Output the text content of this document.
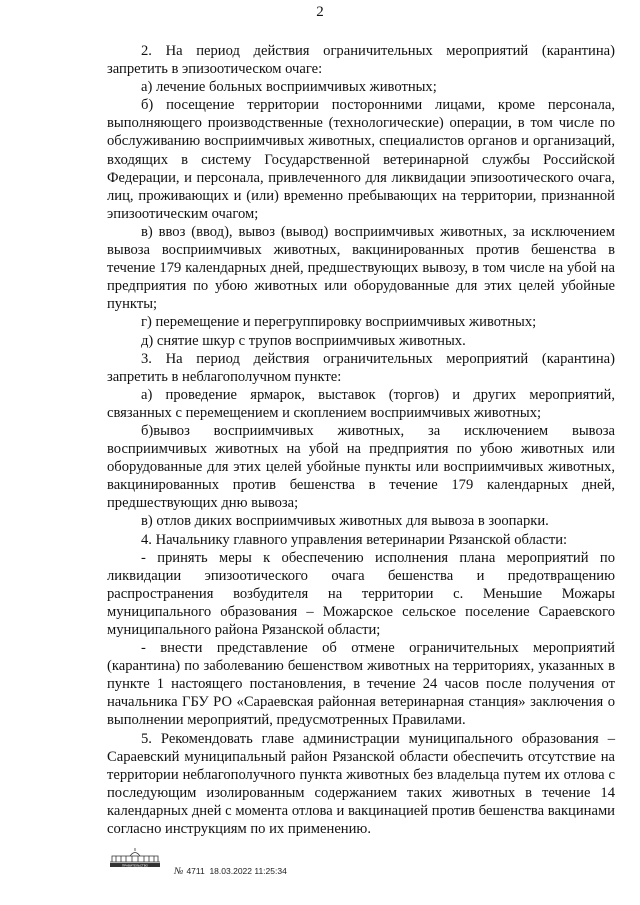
2

2. На период действия ограничительных мероприятий (карантина) запретить в эпизоотическом очаге:

а) лечение больных восприимчивых животных;

б) посещение территории посторонними лицами, кроме персонала, выполняющего производственные (технологические) операции, в том числе по обслуживанию восприимчивых животных, специалистов органов и организаций, входящих в систему Государственной ветеринарной службы Российской Федерации, и персонала, привлеченного для ликвидации эпизоотического очага, лиц, проживающих и (или) временно пребывающих на территории, признанной эпизоотическим очагом;

в) ввоз (ввод), вывоз (вывод) восприимчивых животных, за исключением вывоза восприимчивых животных, вакцинированных против бешенства в течение 179 календарных дней, предшествующих вывозу, в том числе на убой на предприятия по убою животных или оборудованные для этих целей убойные пункты;

г) перемещение и перегруппировку восприимчивых животных;

д) снятие шкур с трупов восприимчивых животных.

3. На период действия ограничительных мероприятий (карантина) запретить в неблагополучном пункте:

а) проведение ярмарок, выставок (торгов) и других мероприятий, связанных с перемещением и скоплением восприимчивых животных;

б)вывоз восприимчивых животных, за исключением вывоза восприимчивых животных на убой на предприятия по убою животных или оборудованные для этих целей убойные пункты или восприимчивых животных, вакцинированных против бешенства в течение 179 календарных дней, предшествующих дню вывоза;

в) отлов диких восприимчивых животных для вывоза в зоопарки.

4. Начальнику главного управления ветеринарии Рязанской области:

- принять меры к обеспечению исполнения плана мероприятий по ликвидации эпизоотического очага бешенства и предотвращению распространения возбудителя на территории с. Меньшие Можары муниципального образования – Можарское сельское поселение Сараевского муниципального района Рязанской области;

- внести представление об отмене ограничительных мероприятий (карантина) по заболеванию бешенством животных на территориях, указанных в пункте 1 настоящего постановления, в течение 24 часов после получения от начальника ГБУ РО «Сараевская районная ветеринарная станция» заключения о выполнении мероприятий, предусмотренных Правилами.

5. Рекомендовать главе администрации муниципального образования – Сараевский муниципальный район Рязанской области обеспечить отсутствие на территории неблагополучного пункта животных без владельца путем их отлова с последующим изолированным содержанием таких животных в течение 14 календарных дней с момента отлова и вакцинацией против бешенства вакцинами согласно инструкциям по их применению.

ПРАВИТЕЛЬСТВО
№ 4711 18.03.2022 11:25:34
